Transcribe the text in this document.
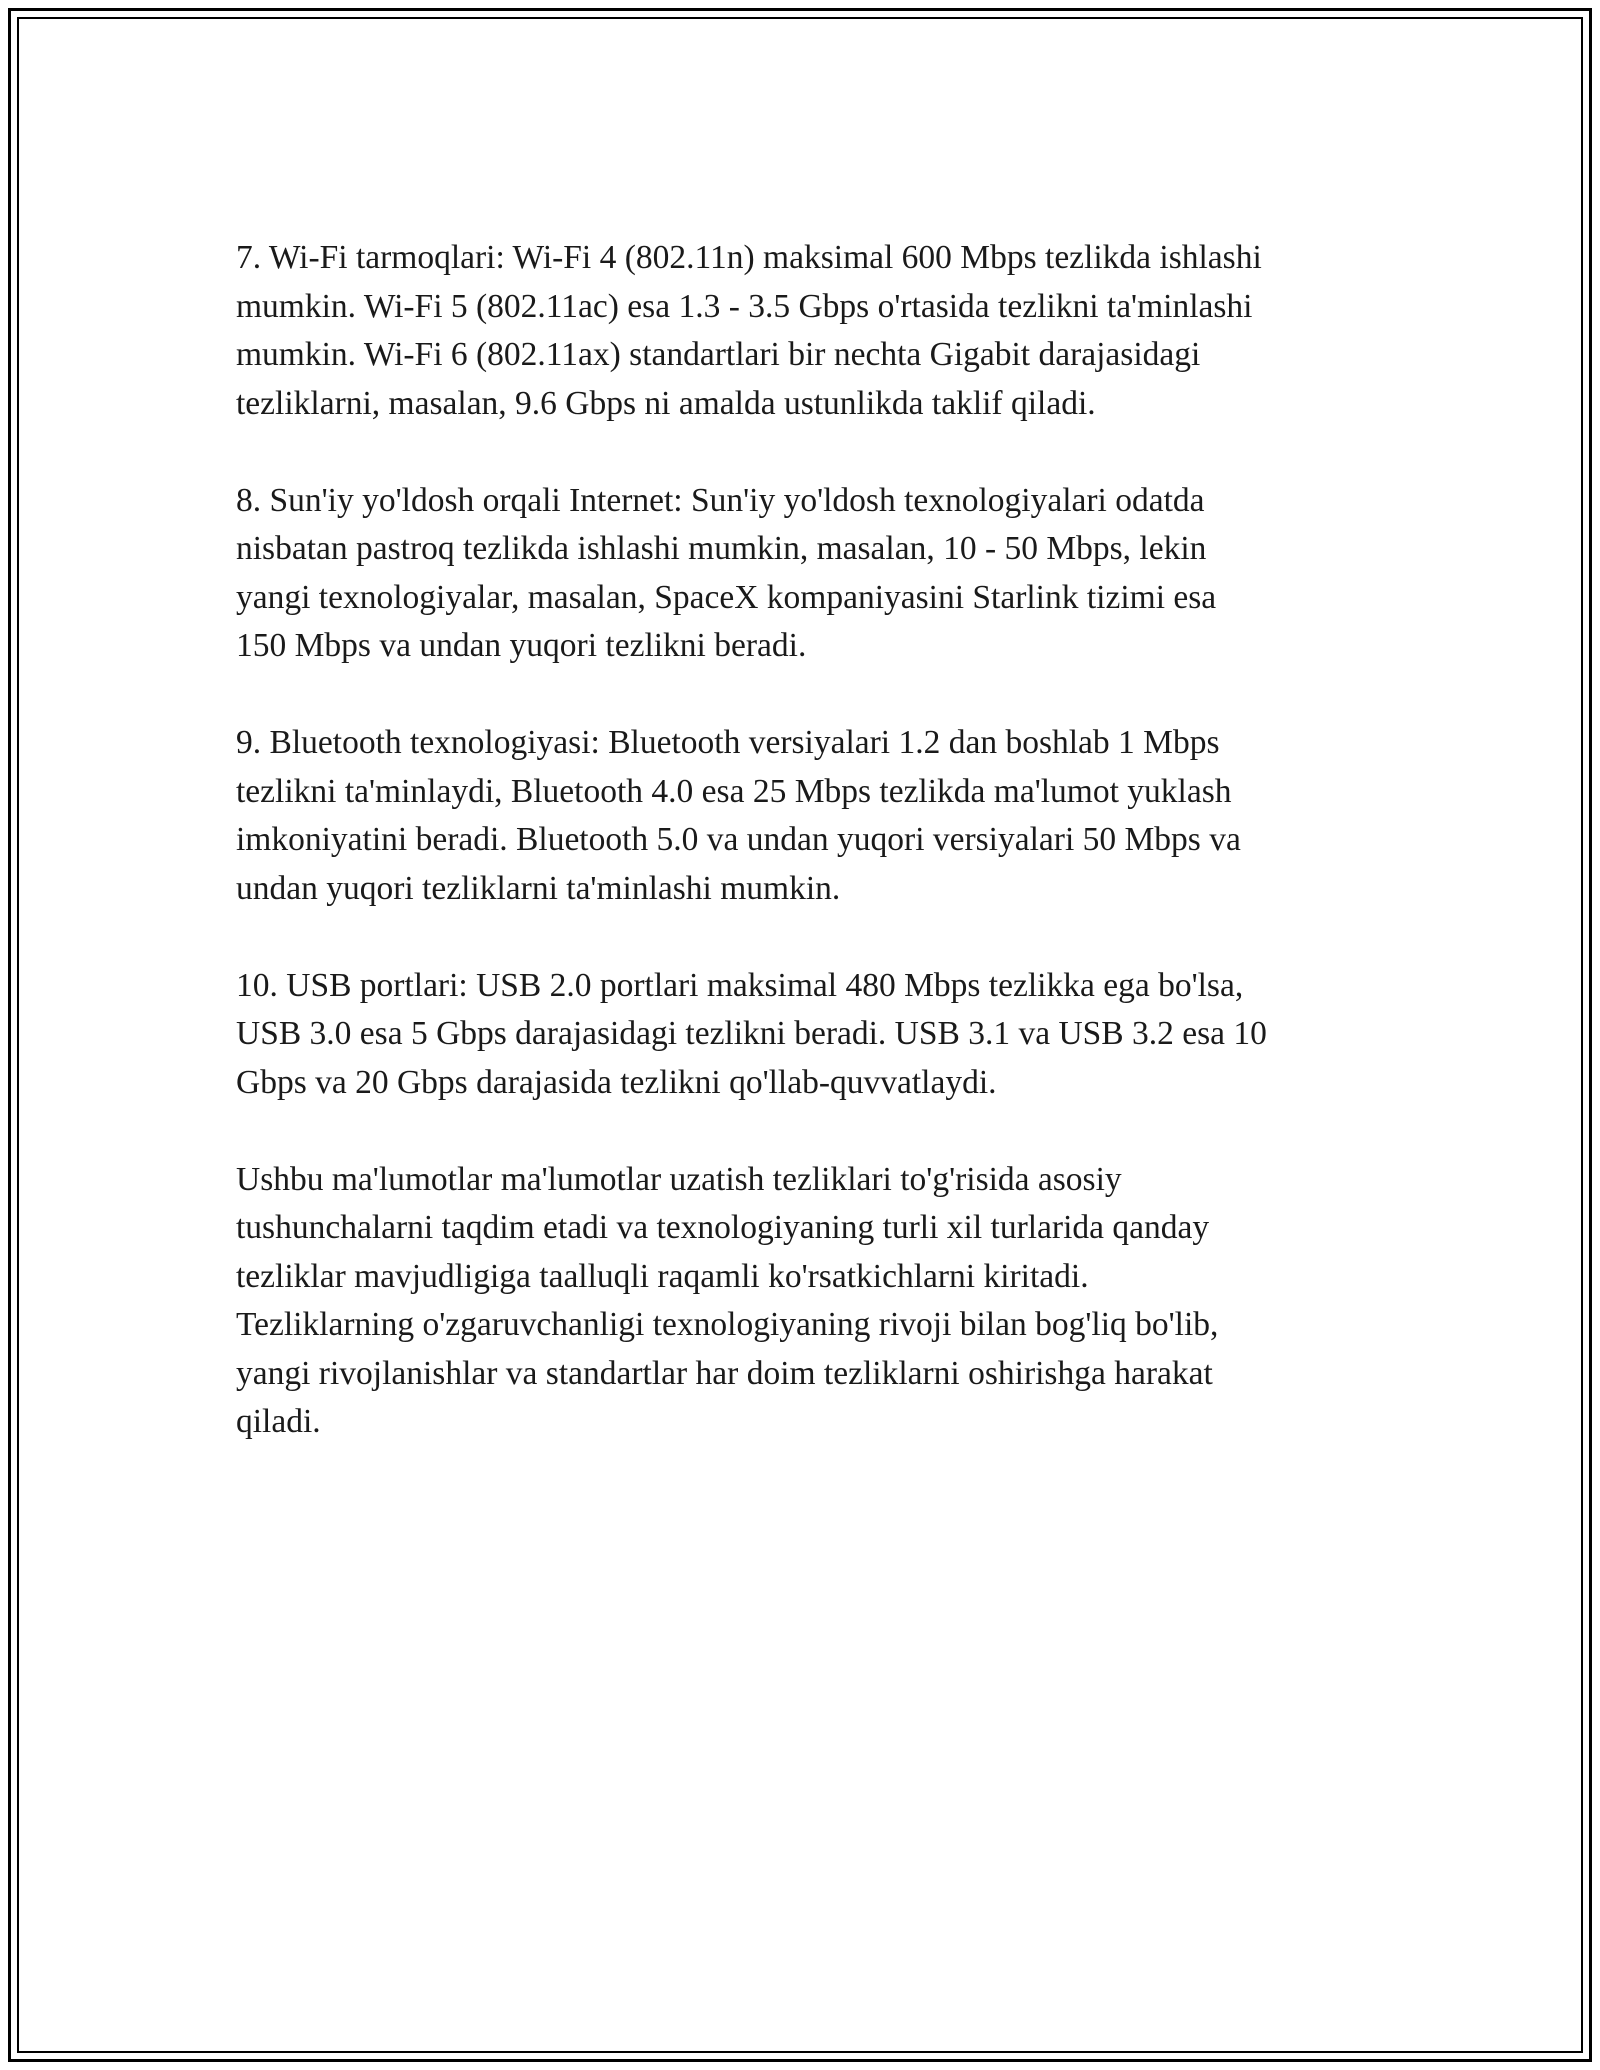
7. Wi-Fi tarmoqlari: Wi-Fi 4 (802.11n) maksimal 600 Mbps tezlikda ishlashi
mumkin. Wi-Fi 5 (802.11ac) esa 1.3 - 3.5 Gbps o'rtasida tezlikni ta'minlashi
mumkin. Wi-Fi 6 (802.11ax) standartlari bir nechta Gigabit darajasidagi
tezliklarni, masalan, 9.6 Gbps ni amalda ustunlikda taklif qiladi.

8. Sun'iy yo'ldosh orqali Internet: Sun'iy yo'ldosh texnologiyalari odatda
nisbatan pastroq tezlikda ishlashi mumkin, masalan, 10 - 50 Mbps, lekin
yangi texnologiyalar, masalan, SpaceX kompaniyasini Starlink tizimi esa
150 Mbps va undan yuqori tezlikni beradi.

9. Bluetooth texnologiyasi: Bluetooth versiyalari 1.2 dan boshlab 1 Mbps
tezlikni ta'minlaydi, Bluetooth 4.0 esa 25 Mbps tezlikda ma'lumot yuklash
imkoniyatini beradi. Bluetooth 5.0 va undan yuqori versiyalari 50 Mbps va
undan yuqori tezliklarni ta'minlashi mumkin.

10. USB portlari: USB 2.0 portlari maksimal 480 Mbps tezlikka ega bo'lsa,
USB 3.0 esa 5 Gbps darajasidagi tezlikni beradi. USB 3.1 va USB 3.2 esa 10
Gbps va 20 Gbps darajasida tezlikni qo'llab-quvvatlaydi.

Ushbu ma'lumotlar ma'lumotlar uzatish tezliklari to'g'risida asosiy
tushunchalarni taqdim etadi va texnologiyaning turli xil turlarida qanday
tezliklar mavjudligiga taalluqli raqamli ko'rsatkichlarni kiritadi.
Tezliklarning o'zgaruvchanligi texnologiyaning rivoji bilan bog'liq bo'lib,
yangi rivojlanishlar va standartlar har doim tezliklarni oshirishga harakat
qiladi.
